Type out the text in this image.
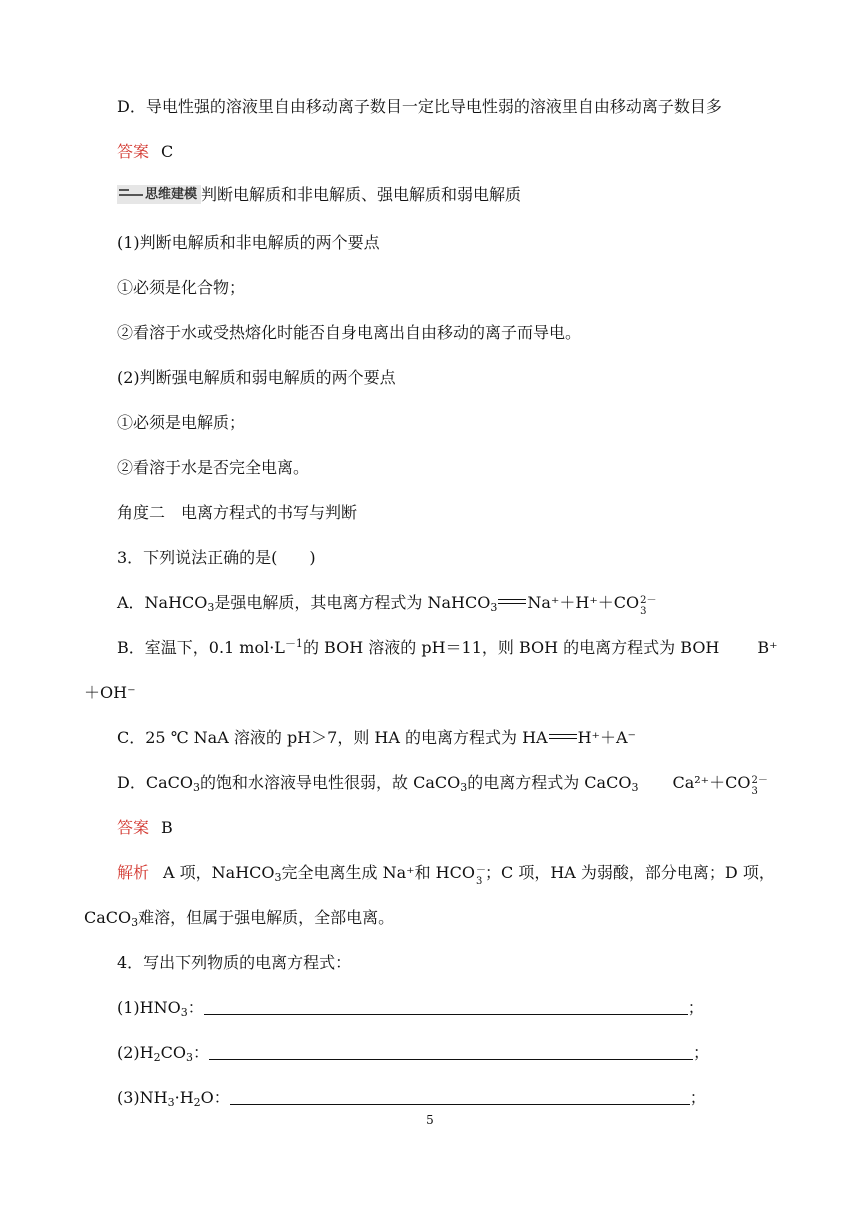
D．导电性强的溶液里自由移动离子数目一定比导电性弱的溶液里自由移动离子数目多
答案 C
思维建模 判断电解质和非电解质、强电解质和弱电解质
(1)判断电解质和非电解质的两个要点
①必须是化合物；
②看溶于水或受热熔化时能否自身电离出自由移动的离子而导电。
(2)判断强电解质和弱电解质的两个要点
①必须是电解质；
②看溶于水是否完全电离。
角度二　电离方程式的书写与判断
3．下列说法正确的是(　　)
A．NaHCO$_3$是强电解质，其电离方程式为 NaHCO$_3$ Na⁺＋H⁺＋CO 2－
3
B．室温下，0.1 $mol\cdot L^{-1}$的 BOH 溶液的 pH＝11，则 BOH 的电离方程式为 BOH B⁺
＋OH⁻
C．25 ℃ NaA 溶液的 pH＞7，则 HA 的电离方程式为 HA H⁺＋A⁻
D．CaCO$_3$的饱和水溶液导电性很弱，故 CaCO$_3$的电离方程式为 CaCO$_3$ Ca²⁺＋CO 2－
3
答案 B
解析 A 项，NaHCO$_3$完全电离生成 Na⁺和 HCO －
3 ；C 项，HA 为弱酸，部分电离；D 项，
CaCO$_3$难溶，但属于强电解质，全部电离。
4．写出下列物质的电离方程式：
$(1)HNO_3$：	；
$(2)H_2CO_3$：	；
$(3)NH_3\cdot H_2O$：	；
5
